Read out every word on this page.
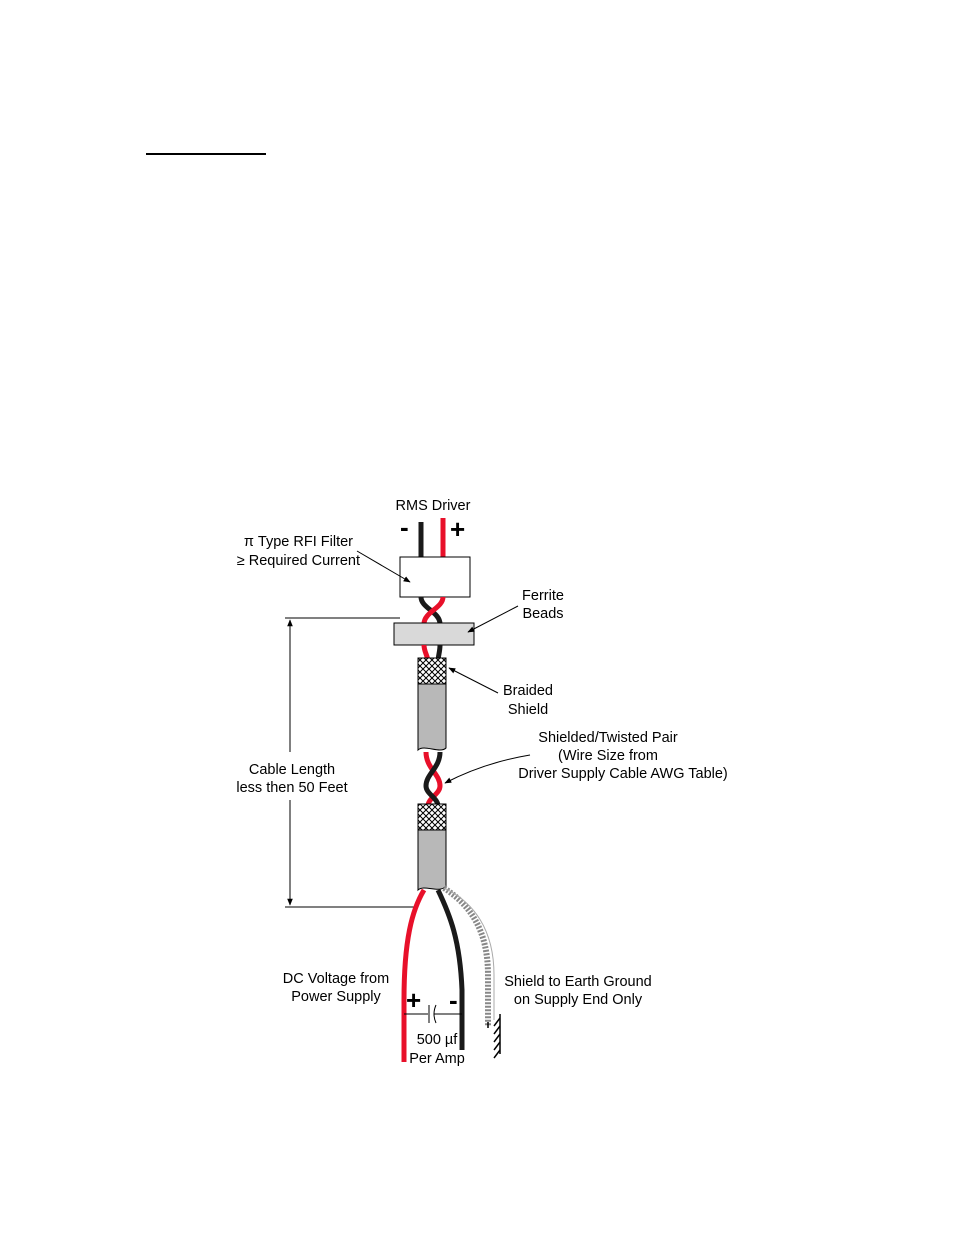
RMS Driver
- +
π Type RFI Filter
≥ Required Current
Ferrite
Beads
Braided
Shield
Shielded/Twisted Pair
(Wire Size from
Driver Supply Cable AWG Table)
Cable Length
less then 50 Feet
Shield to Earth Ground
on Supply End Only
DC Voltage from
Power Supply + -
500 µf
Per Amp
